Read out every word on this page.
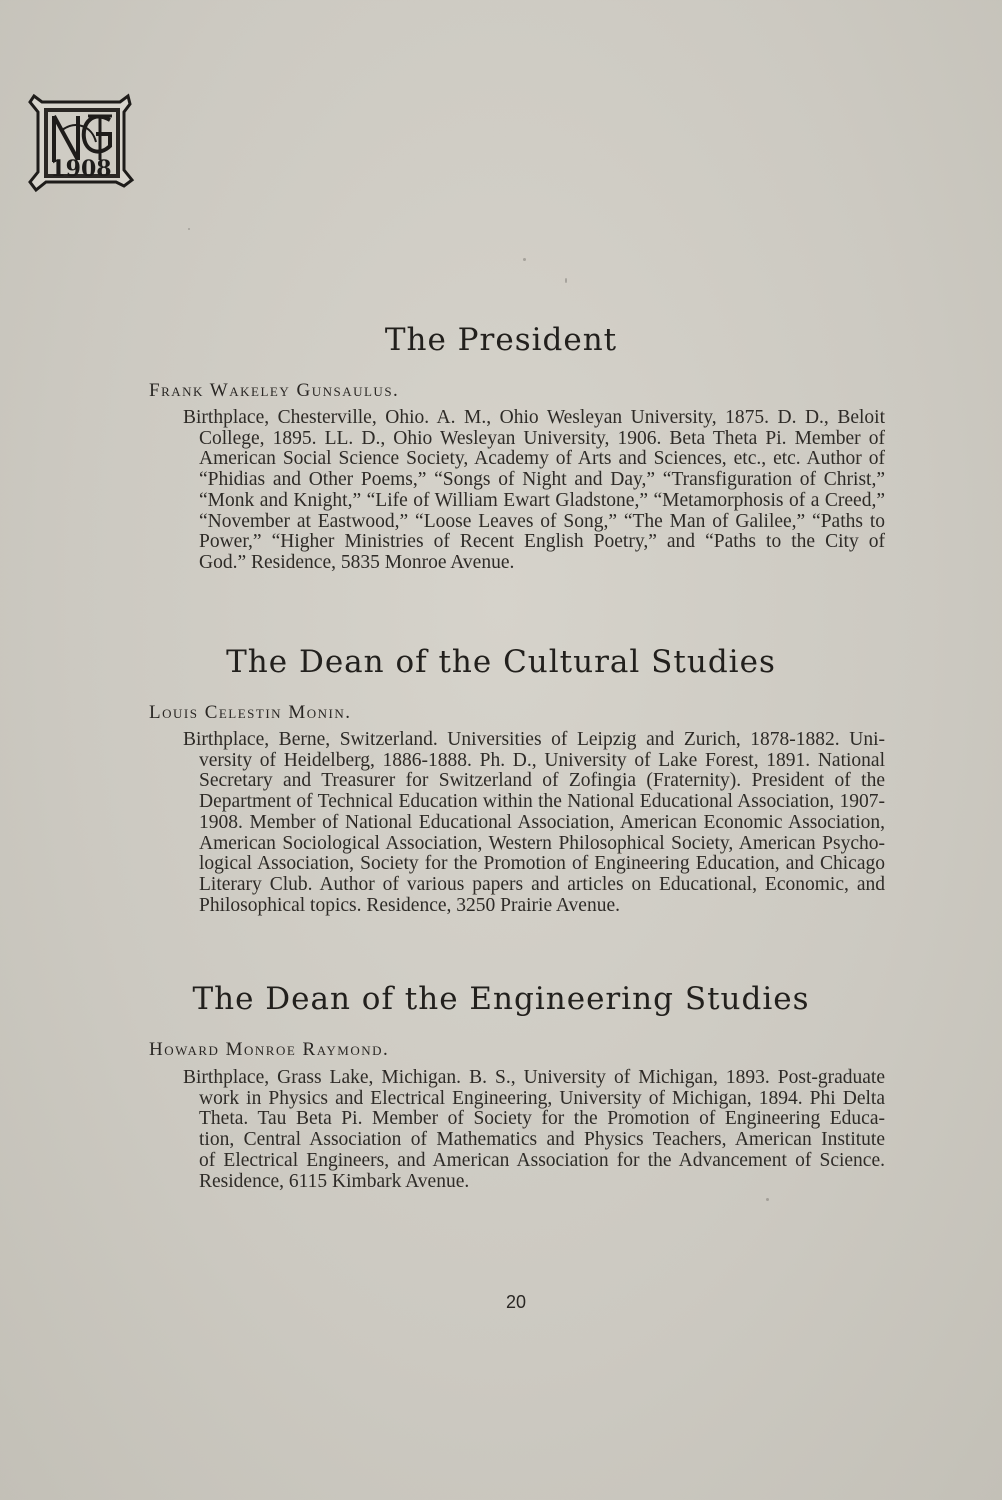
1908
The President

Frank Wakeley Gunsaulus.

Birthplace, Chesterville, Ohio. A. M., Ohio Wesleyan University, 1875. D. D., Beloit
College, 1895. LL. D., Ohio Wesleyan University, 1906. Beta Theta Pi. Member of
American Social Science Society, Academy of Arts and Sciences, etc., etc. Author of
“Phidias and Other Poems,” “Songs of Night and Day,” “Transfiguration of Christ,”
“Monk and Knight,” “Life of William Ewart Gladstone,” “Metamorphosis of a Creed,”
“November at Eastwood,” “Loose Leaves of Song,” “The Man of Galilee,” “Paths to
Power,” “Higher Ministries of Recent English Poetry,” and “Paths to the City of
God.” Residence, 5835 Monroe Avenue.
The Dean of the Cultural Studies

Louis Celestin Monin.

Birthplace, Berne, Switzerland. Universities of Leipzig and Zurich, 1878-1882. Uni-
versity of Heidelberg, 1886-1888. Ph. D., University of Lake Forest, 1891. National
Secretary and Treasurer for Switzerland of Zofingia (Fraternity). President of the
Department of Technical Education within the National Educational Association, 1907-
1908. Member of National Educational Association, American Economic Association,
American Sociological Association, Western Philosophical Society, American Psycho-
logical Association, Society for the Promotion of Engineering Education, and Chicago
Literary Club. Author of various papers and articles on Educational, Economic, and
Philosophical topics. Residence, 3250 Prairie Avenue.
The Dean of the Engineering Studies

Howard Monroe Raymond.

Birthplace, Grass Lake, Michigan. B. S., University of Michigan, 1893. Post-graduate
work in Physics and Electrical Engineering, University of Michigan, 1894. Phi Delta
Theta. Tau Beta Pi. Member of Society for the Promotion of Engineering Educa-
tion, Central Association of Mathematics and Physics Teachers, American Institute
of Electrical Engineers, and American Association for the Advancement of Science.
Residence, 6115 Kimbark Avenue.
20
